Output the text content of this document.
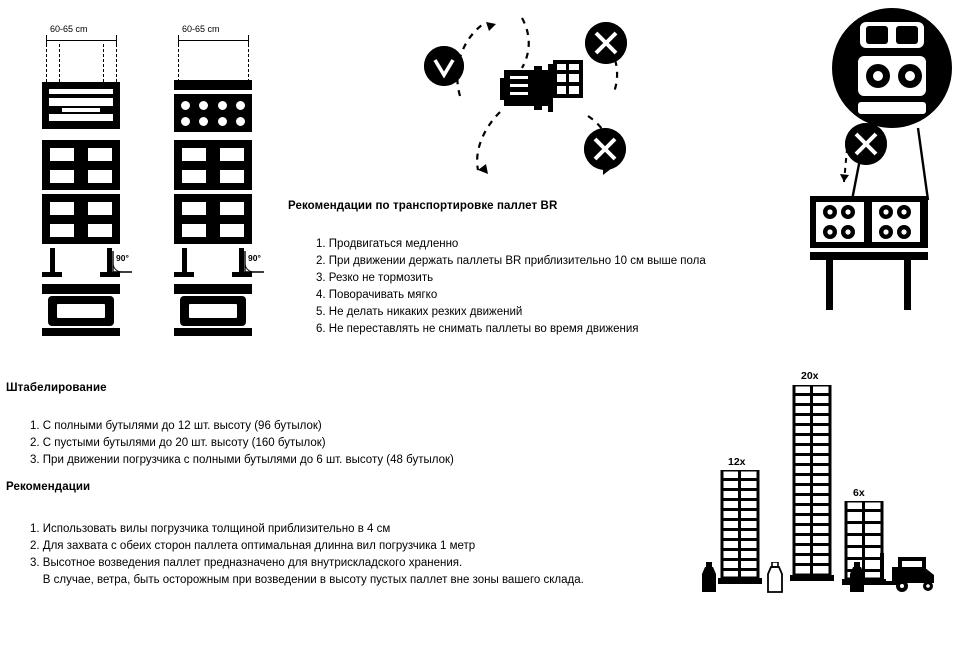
60-65 cm
90°
60-65 cm
90°
Рекомендации по транспортировке паллет BR
1. Продвигаться медленно
2. При движении держать паллеты BR приблизительно 10 см выше пола
3. Резко не тормозить
4. Поворачивать мягко
5. Не делать никаких резких движений
6. Не переставлять не снимать паллеты во время движения
Штабелирование
1. С полными бутылями до 12 шт. высоту (96 бутылок)
2. С пустыми бутылями до 20 шт. высоту (160 бутылок)
3. При движении погрузчика с полными бутылями до 6 шт. высоту (48 бутылок)
Рекомендации
1. Использовать вилы погрузчика толщиной приблизительно в 4 см
2. Для захвата с обеих сторон паллета оптимальная длинна вил погрузчика 1 метр
3. Высотное возведения паллет предназначено для внутрискладского хранения.
В случае, ветра, быть осторожным при возведении в высоту пустых паллет вне зоны вашего склада.
20x
12x
6x
